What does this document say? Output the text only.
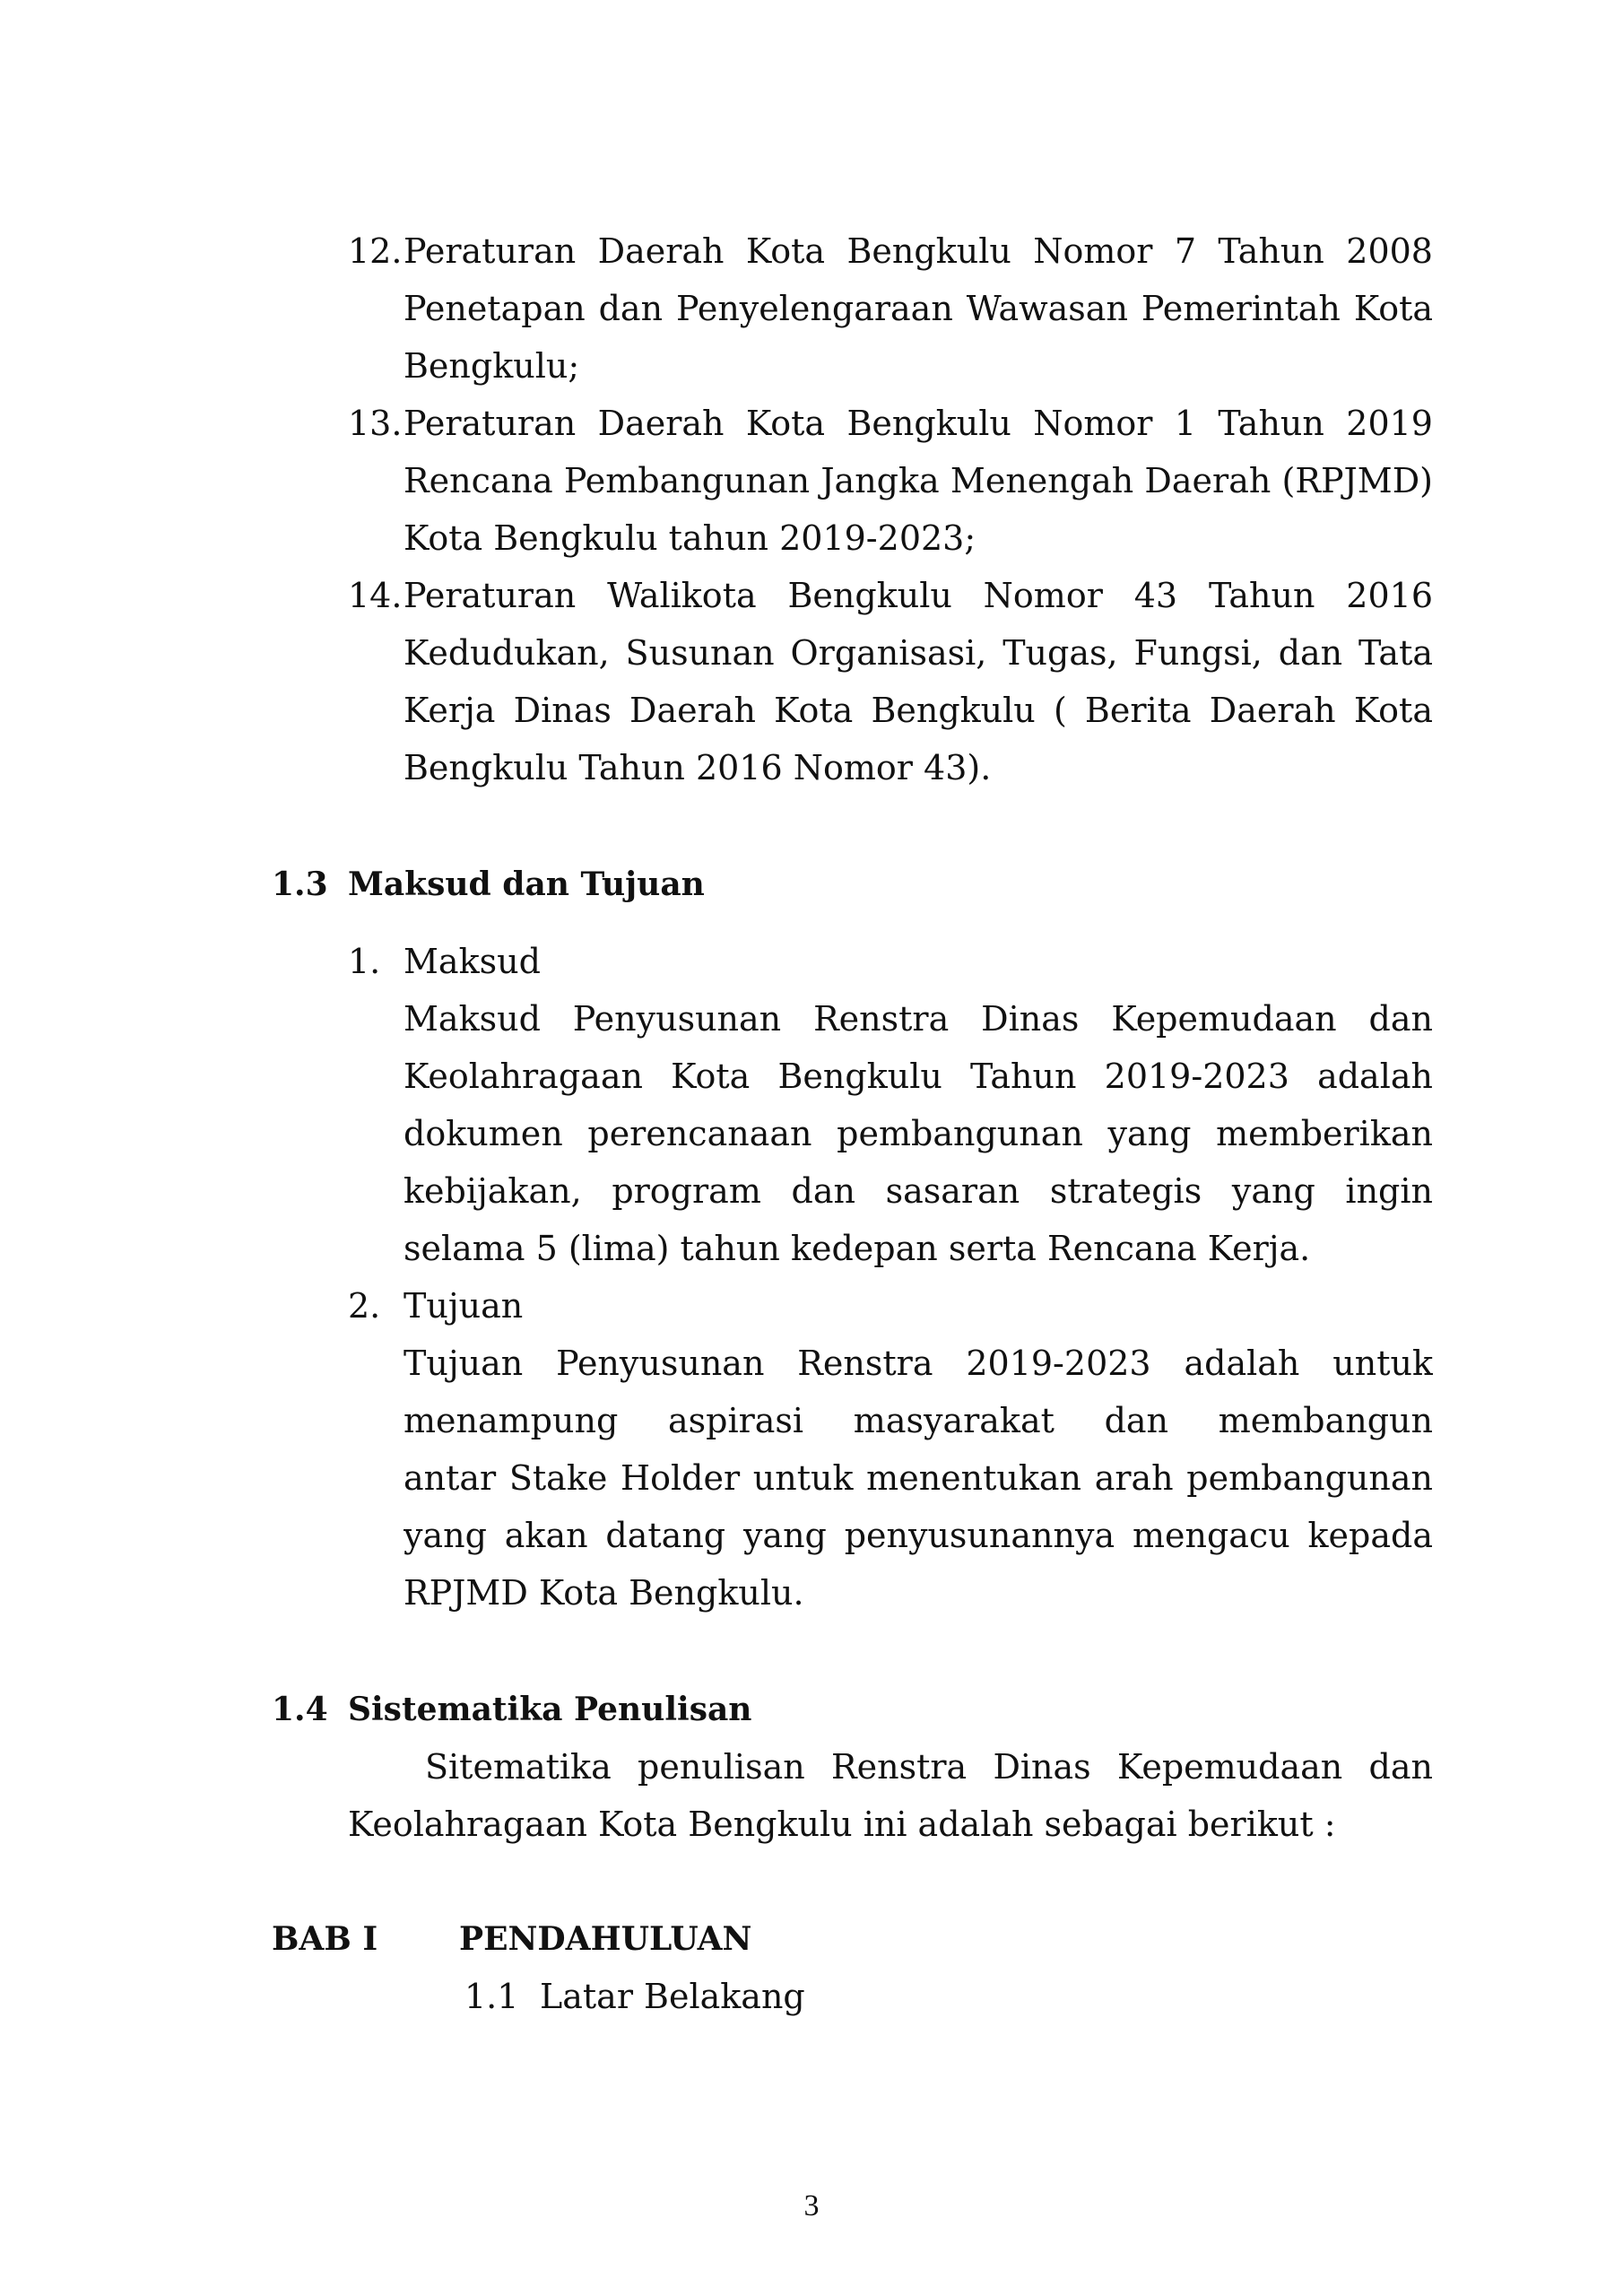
12. Peraturan Daerah Kota Bengkulu Nomor 7 Tahun 2008
Penetapan dan Penyelengaraan Wawasan Pemerintah Kota
Bengkulu;
13. Peraturan Daerah Kota Bengkulu Nomor 1 Tahun 2019
Rencana Pembangunan Jangka Menengah Daerah (RPJMD)
Kota Bengkulu tahun 2019-2023;
14. Peraturan Walikota Bengkulu Nomor 43 Tahun 2016
Kedudukan, Susunan Organisasi, Tugas, Fungsi, dan Tata
Kerja Dinas Daerah Kota Bengkulu ( Berita Daerah Kota
Bengkulu Tahun 2016 Nomor 43).
1.3 Maksud dan Tujuan
1. Maksud
Maksud Penyusunan Renstra Dinas Kepemudaan dan
Keolahragaan Kota Bengkulu Tahun 2019-2023 adalah
dokumen perencanaan pembangunan yang memberikan
kebijakan, program dan sasaran strategis yang ingin
selama 5 (lima) tahun kedepan serta Rencana Kerja.
2. Tujuan
Tujuan Penyusunan Renstra 2019-2023 adalah untuk
menampung aspirasi masyarakat dan membangun
antar Stake Holder untuk menentukan arah pembangunan
yang akan datang yang penyusunannya mengacu kepada
RPJMD Kota Bengkulu.
1.4 Sistematika Penulisan
Sitematika penulisan Renstra Dinas Kepemudaan dan
Keolahragaan Kota Bengkulu ini adalah sebagai berikut :
BAB I	PENDAHULUAN
1.1 Latar Belakang
3
